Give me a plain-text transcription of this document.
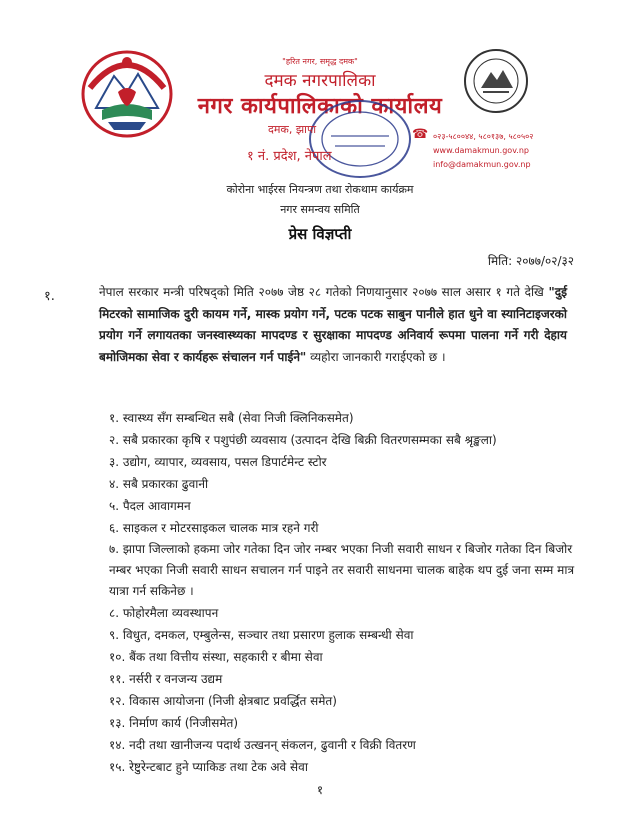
"हरित नगर, समृद्ध दमक"
दमक नगरपालिका
नगर कार्यपालिकाको कार्यालय
दमक, झापा
१ नं. प्रदेश, नेपाल
☎ ०२३-५८००४४, ५८०१३७, ५८०५०२
www.damakmun.gov.np
info@damakmun.gov.np
कोरोना भाईरस नियन्त्रण तथा रोकथाम कार्यक्रम
नगर समन्वय समिति
प्रेस विज्ञप्ती
मिति: २०७७/०२/३२
१.	नेपाल सरकार मन्त्री परिषद्को मिति २०७७ जेष्ठ २८ गतेको निणयानुसार २०७७ साल असार १ गते देखि "दुई मिटरको सामाजिक दुरी कायम गर्ने, मास्क प्रयोग गर्ने, पटक पटक साबुन पानीले हात धुने वा स्यानिटाइजरको प्रयोग गर्ने लगायतका जनस्वास्थ्यका मापदण्ड र सुरक्षाका मापदण्ड अनिवार्य रूपमा पालना गर्ने गरी देहाय बमोजिमका सेवा र कार्यहरू संचालन गर्न पाईने" व्यहोरा जानकारी गराईएको छ ।
१. स्वास्थ्य सँग सम्बन्धित सबै (सेवा निजी क्लिनिकसमेत)
२. सबै प्रकारका कृषि र पशुपंछी व्यवसाय (उत्पादन देखि बिक्री वितरणसम्मका सबै श्रृङ्खला)
३. उद्योग, व्यापार, व्यवसाय, पसल डिपार्टमेन्ट स्टोर
४. सबै प्रकारका ढुवानी
५. पैदल आवागमन
६. साइकल र मोटरसाइकल चालक मात्र रहने गरी
७. झापा जिल्लाको हकमा जोर गतेका दिन जोर नम्बर भएका निजी सवारी साधन र बिजोर गतेका दिन बिजोर नम्बर भएका निजी सवारी साधन सचालन गर्न पाइने तर सवारी साधनमा चालक बाहेक थप दुई जना सम्म मात्र यात्रा गर्न सकिनेछ ।
८. फोहोरमैला व्यवस्थापन
९. विधुत, दमकल, एम्बुलेन्स, सञ्चार तथा प्रसारण हुलाक सम्बन्धी सेवा
१०. बैंक तथा वित्तीय संस्था, सहकारी र बीमा सेवा
११. नर्सरी र वनजन्य उद्यम
१२. विकास आयोजना (निजी क्षेत्रबाट प्रवर्द्धित समेत)
१३. निर्माण कार्य (निजीसमेत)
१४. नदी तथा खानीजन्य पदार्थ उत्खनन् संकलन, ढुवानी र विक्री वितरण
१५. रेष्टुरेन्टबाट हुने प्याकिङ तथा टेक अवे सेवा
१
